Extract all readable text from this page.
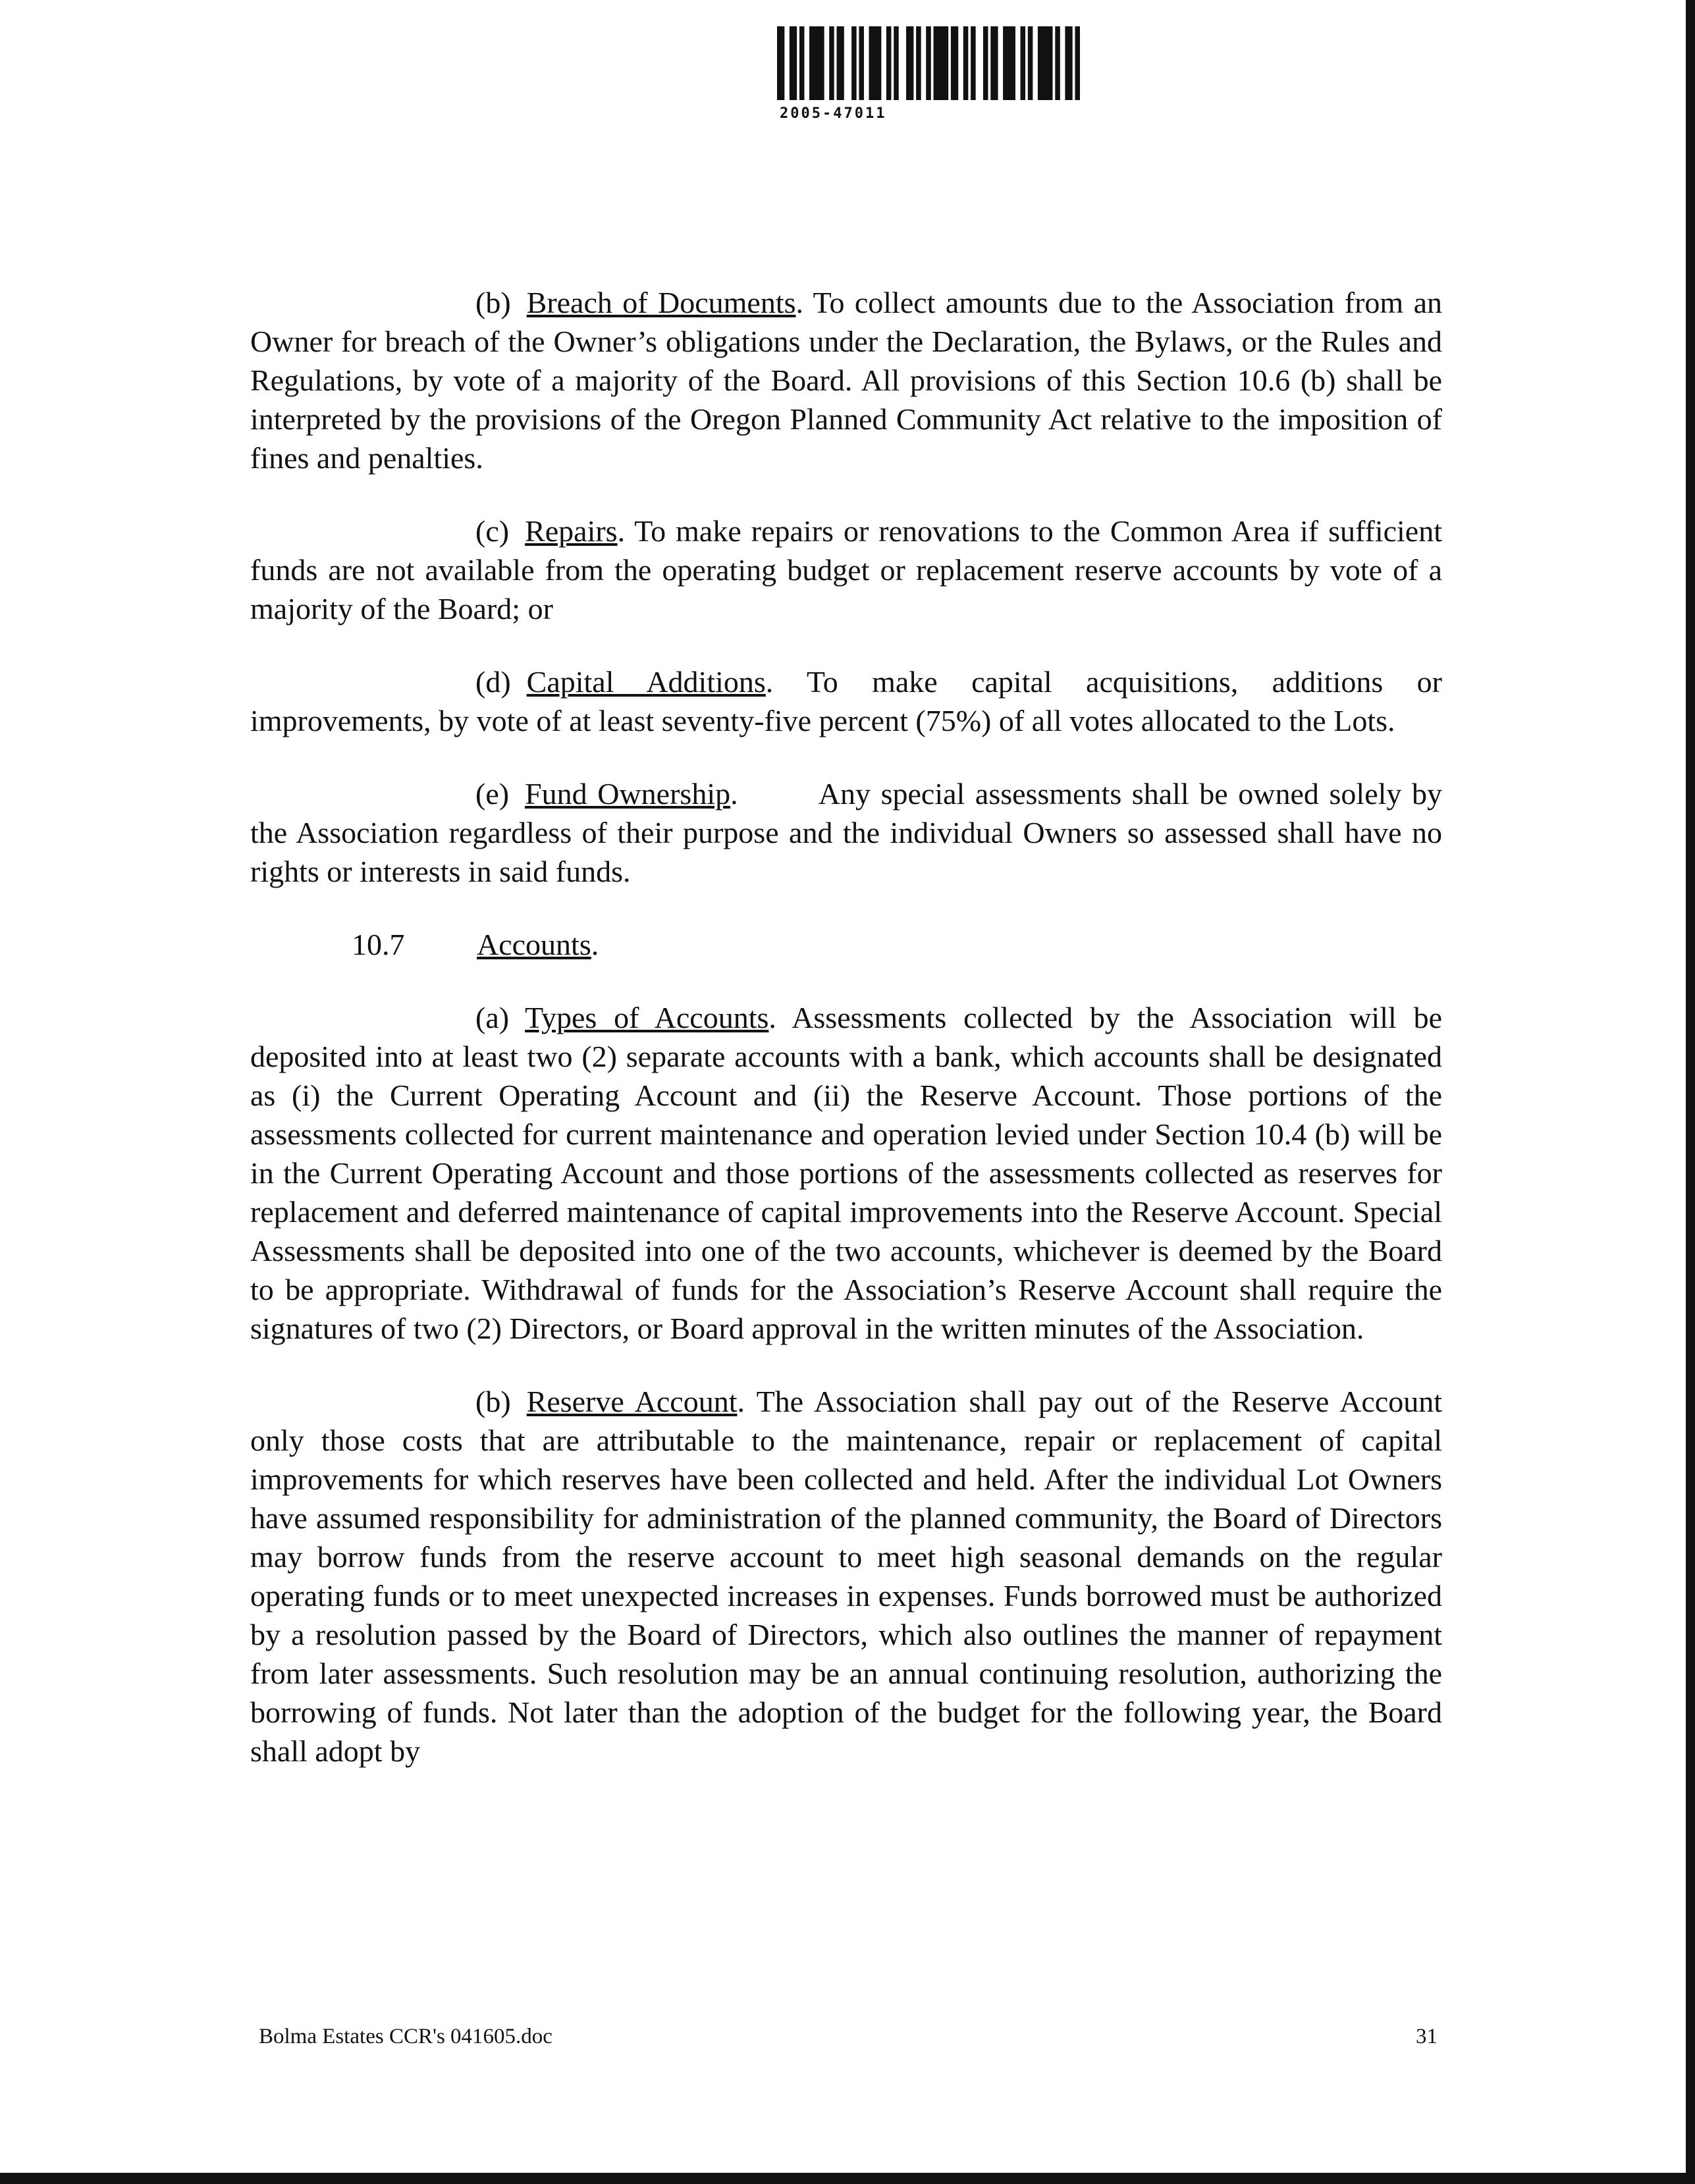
2005-47011

(b) Breach of Documents. To collect amounts due to the Association from an Owner for breach of the Owner’s obligations under the Declaration, the Bylaws, or the Rules and Regulations, by vote of a majority of the Board. All provisions of this Section 10.6 (b) shall be interpreted by the provisions of the Oregon Planned Community Act relative to the imposition of fines and penalties.

(c) Repairs. To make repairs or renovations to the Common Area if sufficient funds are not available from the operating budget or replacement reserve accounts by vote of a majority of the Board; or

(d) Capital Additions. To make capital acquisitions, additions or improvements, by vote of at least seventy-five percent (75%) of all votes allocated to the Lots.

(e) Fund Ownership.        Any special assessments shall be owned solely by the Association regardless of their purpose and the individual Owners so assessed shall have no rights or interests in said funds.

10.7 Accounts.

(a) Types of Accounts. Assessments collected by the Association will be deposited into at least two (2) separate accounts with a bank, which accounts shall be designated as (i) the Current Operating Account and (ii) the Reserve Account. Those portions of the assessments collected for current maintenance and operation levied under Section 10.4 (b) will be in the Current Operating Account and those portions of the assessments collected as reserves for replacement and deferred maintenance of capital improvements into the Reserve Account. Special Assessments shall be deposited into one of the two accounts, whichever is deemed by the Board to be appropriate. Withdrawal of funds for the Association’s Reserve Account shall require the signatures of two (2) Directors, or Board approval in the written minutes of the Association.

(b) Reserve Account. The Association shall pay out of the Reserve Account only those costs that are attributable to the maintenance, repair or replacement of capital improvements for which reserves have been collected and held. After the individual Lot Owners have assumed responsibility for administration of the planned community, the Board of Directors may borrow funds from the reserve account to meet high seasonal demands on the regular operating funds or to meet unexpected increases in expenses. Funds borrowed must be authorized by a resolution passed by the Board of Directors, which also outlines the manner of repayment from later assessments. Such resolution may be an annual continuing resolution, authorizing the borrowing of funds. Not later than the adoption of the budget for the following year, the Board shall adopt by

Bolma Estates CCR's 041605.doc	31
